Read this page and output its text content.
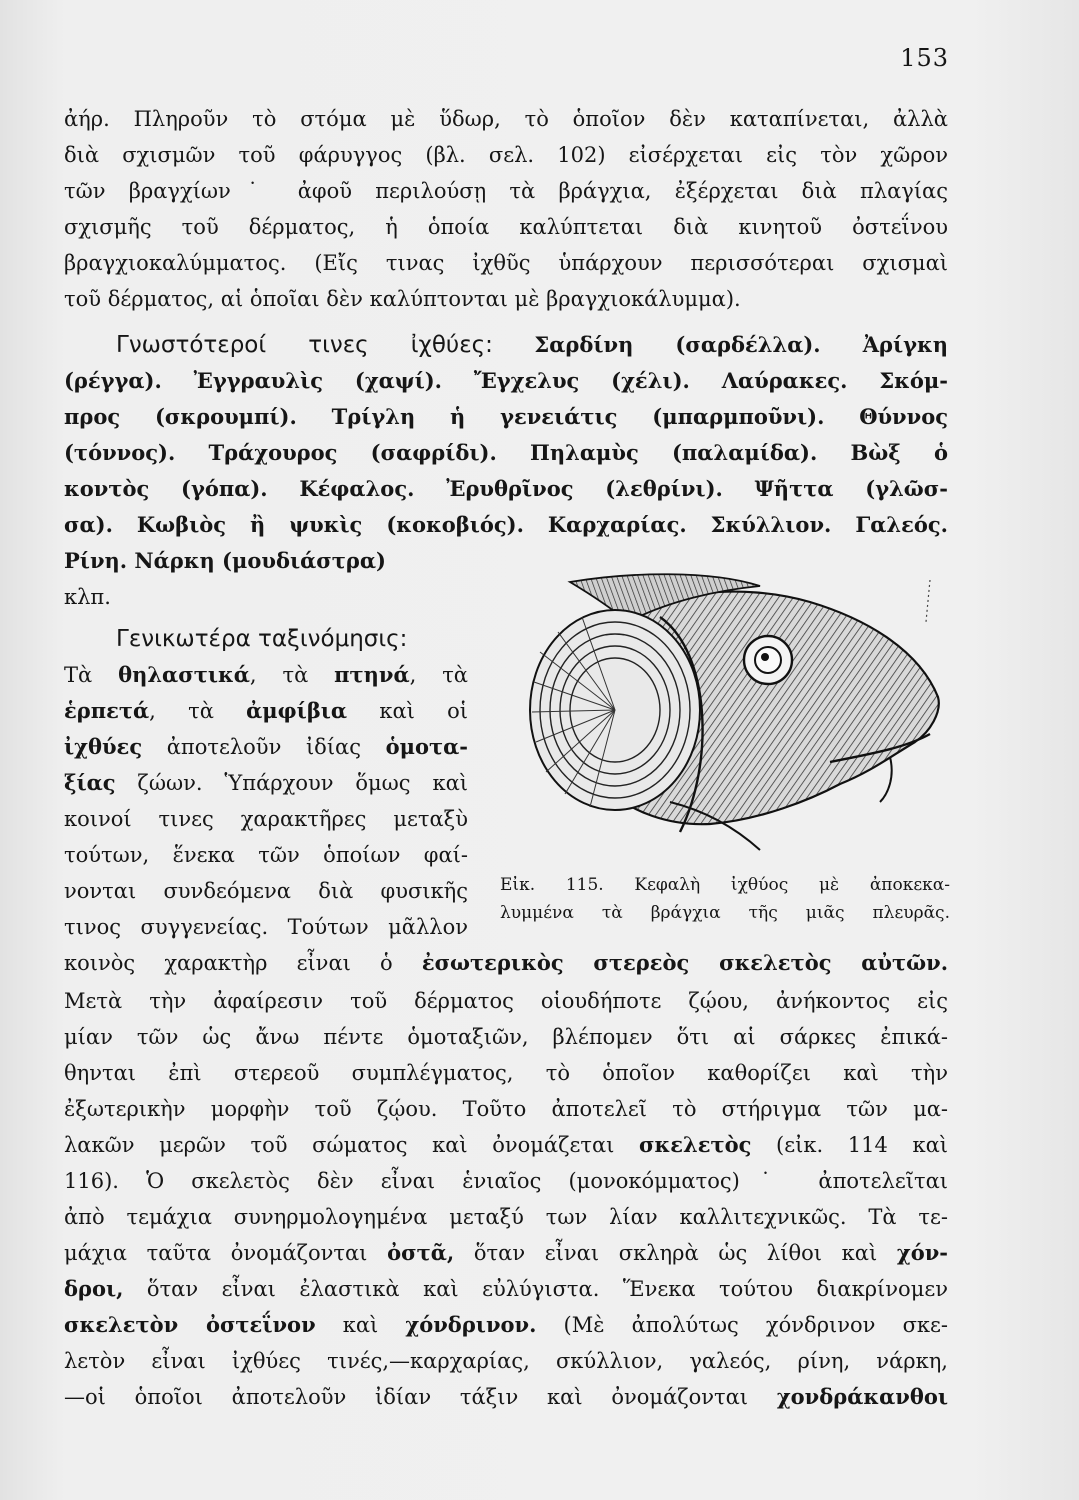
153
ἀήρ. Πληροῦν τὸ στόμα μὲ ὕδωρ, τὸ ὁποῖον δὲν καταπίνεται, ἀλλὰ
διὰ σχισμῶν τοῦ φάρυγγος (βλ. σελ. 102) εἰσέρχεται εἰς τὸν χῶρον
τῶν βραγχίων˙ ἀφοῦ περιλούσῃ τὰ βράγχια, ἐξέρχεται διὰ πλαγίας
σχισμῆς τοῦ δέρματος, ἡ ὁποία καλύπτεται διὰ κινητοῦ ὀστεΐνου
βραγχιοκαλύμματος. (Εἴς τινας ἰχθῦς ὑπάρχουν περισσότεραι σχισμαὶ
τοῦ δέρματος, αἱ ὁποῖαι δὲν καλύπτονται μὲ βραγχιοκάλυμμα).
Γνωστότεροί τινες ἰχθύες: Σαρδίνη (σαρδέλλα). Ἀρίγκη
(ρέγγα). Ἐγγραυλὶς (χαψί). Ἔγχελυς (χέλι). Λαύρακες. Σκόμ-
προς (σκρουμπί). Τρίγλη ἡ γενειάτις (μπαρμποῦνι). Θύννος
(τόννος). Τράχουρος (σαφρίδι). Πηλαμὺς (παλαμίδα). Βὼξ ὁ
κοντὸς (γόπα). Κέφαλος. Ἐρυθρῖνος (λεθρίνι). Ψῆττα (γλῶσ-
σα). Κωβιὸς ἢ ψυκὶς (κοκοβιός). Καρχαρίας. Σκύλλιον. Γαλεός.
Ρίνη. Νάρκη (μουδιάστρα)
κλπ.
Γενικωτέρα ταξινόμησις:
Τὰ θηλαστικά, τὰ πτηνά, τὰ
ἑρπετά, τὰ ἀμφίβια καὶ οἱ
ἰχθύες ἀποτελοῦν ἰδίας ὁμοτα-
ξίας ζώων. Ὑπάρχουν ὅμως καὶ
κοινοί τινες χαρακτῆρες μεταξὺ
τούτων, ἕνεκα τῶν ὁποίων φαί-
νονται συνδεόμενα διὰ φυσικῆς
τινος συγγενείας. Τούτων μᾶλλον
κοινὸς χαρακτὴρ εἶναι ὁ ἐσωτερικὸς στερεὸς σκελετὸς αὐτῶν.
Εἰκ. 115. Κεφαλὴ ἰχθύος μὲ ἀποκεκα-
λυμμένα τὰ βράγχια τῆς μιᾶς πλευρᾶς.
Μετὰ τὴν ἀφαίρεσιν τοῦ δέρματος οἱουδήποτε ζῴου, ἀνήκοντος εἰς
μίαν τῶν ὡς ἄνω πέντε ὁμοταξιῶν, βλέπομεν ὅτι αἱ σάρκες ἐπικά-
θηνται ἐπὶ στερεοῦ συμπλέγματος, τὸ ὁποῖον καθορίζει καὶ τὴν
ἐξωτερικὴν μορφὴν τοῦ ζῴου. Τοῦτο ἀποτελεῖ τὸ στήριγμα τῶν μα-
λακῶν μερῶν τοῦ σώματος καὶ ὀνομάζεται σκελετὸς (εἰκ. 114 καὶ
116). Ὁ σκελετὸς δὲν εἶναι ἑνιαῖος (μονοκόμματος)˙ ἀποτελεῖται
ἀπὸ τεμάχια συνηρμολογημένα μεταξύ των λίαν καλλιτεχνικῶς. Τὰ τε-
μάχια ταῦτα ὀνομάζονται ὀστᾶ, ὅταν εἶναι σκληρὰ ὡς λίθοι καὶ χόν-
δροι, ὅταν εἶναι ἐλαστικὰ καὶ εὐλύγιστα. Ἕνεκα τούτου διακρίνομεν
σκελετὸν ὀστεΐνον καὶ χόνδρινον. (Μὲ ἀπολύτως χόνδρινον σκε-
λετὸν εἶναι ἰχθύες τινές,—καρχαρίας, σκύλλιον, γαλεός, ρίνη, νάρκη,
—οἱ ὁποῖοι ἀποτελοῦν ἰδίαν τάξιν καὶ ὀνομάζονται χονδράκανθοι
